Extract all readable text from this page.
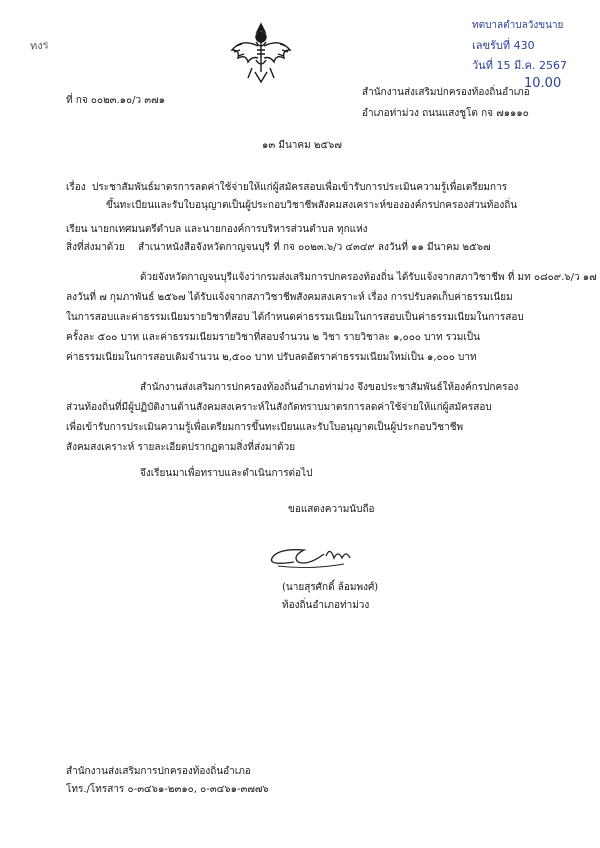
ทงร
ทตบาลตำบลวังขนาย
เลขรับที่ 430
วันที่ 15 มี.ค. 2567
10.00
ที่ กจ ๐๐๒๓.๑๐/ว ๓๗๑
สำนักงานส่งเสริมปกครองท้องถิ่นอำเภอ
อำเภอท่าม่วง ถนนแสงชูโต กจ ๗๑๑๑๐
๑๓ มีนาคม ๒๕๖๗
เรื่อง ประชาสัมพันธ์มาตรการลดค่าใช้จ่ายให้แก่ผู้สมัครสอบเพื่อเข้ารับการประเมินความรู้เพื่อเตรียมการ
ขึ้นทะเบียนและรับใบอนุญาตเป็นผู้ประกอบวิชาชีพสังคมสงเคราะห์ขององค์กรปกครองส่วนท้องถิ่น
เรียน นายกเทศมนตรีตำบล และนายกองค์การบริหารส่วนตำบล ทุกแห่ง
สิ่งที่ส่งมาด้วย สำเนาหนังสือจังหวัดกาญจนบุรี ที่ กจ ๐๐๒๓.๖/ว ๔๓๔๙ ลงวันที่ ๑๑ มีนาคม ๒๕๖๗
ด้วยจังหวัดกาญจนบุรีแจ้งว่ากรมส่งเสริมการปกครองท้องถิ่น ได้รับแจ้งจากสภาวิชาชีพ ที่ มท ๐๘๐๙.๖/ว ๑๗
ลงวันที่ ๗ กุมภาพันธ์ ๒๕๖๗ ได้รับแจ้งจากสภาวิชาชีพสังคมสงเคราะห์ เรื่อง การปรับลดเก็บค่าธรรมเนียม
ในการสอบและค่าธรรมเนียมรายวิชาที่สอบ ได้กำหนดค่าธรรมเนียมในการสอบเป็นค่าธรรมเนียมในการสอบ
ครั้งละ ๕๐๐ บาท และค่าธรรมเนียมรายวิชาที่สอบจำนวน ๒ วิชา รายวิชาละ ๑,๐๐๐ บาท รวมเป็น
ค่าธรรมเนียมในการสอบเดิมจำนวน ๒,๕๐๐ บาท ปรับลดอัตราค่าธรรมเนียมใหม่เป็น ๑,๐๐๐ บาท
สำนักงานส่งเสริมการปกครองท้องถิ่นอำเภอท่าม่วง จึงขอประชาสัมพันธ์ให้องค์กรปกครอง
ส่วนท้องถิ่นที่มีผู้ปฏิบัติงานด้านสังคมสงเคราะห์ในสังกัดทราบมาตรการลดค่าใช้จ่ายให้แก่ผู้สมัครสอบ
เพื่อเข้ารับการประเมินความรู้เพื่อเตรียมการขึ้นทะเบียนและรับใบอนุญาตเป็นผู้ประกอบวิชาชีพ
สังคมสงเคราะห์ รายละเอียดปรากฏตามสิ่งที่ส่งมาด้วย
จึงเรียนมาเพื่อทราบและดำเนินการต่อไป
ขอแสดงความนับถือ
(นายสุรศักดิ์ ล้อมพงศ์)
ท้องถิ่นอำเภอท่าม่วง
สำนักงานส่งเสริมการปกครองท้องถิ่นอำเภอ
โทร./โทรสาร ๐-๓๔๖๑-๒๓๑๐, ๐-๓๔๖๑-๓๗๗๖
